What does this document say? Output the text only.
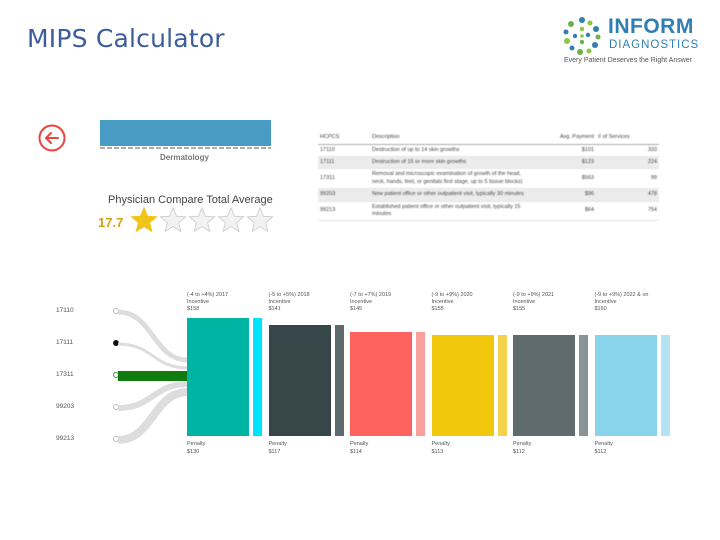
MIPS Calculator	INFORM
DIAGNOSTICS
Every Patient Deserves the Right Answer
Dermatology
Physician Compare Total Average
17.7
HCPCS	Description	Avg. Payment	# of Services
17110	Destruction of up to 14 skin growths	$101	333
17111	Destruction of 15 or more skin growths	$123	224
17311	Removal and microscopic examination of growth of the head, neck, hands, feet, or genitals first stage, up to 5 tissue blocks)	$563	99
99203	New patient office or other outpatient visit, typically 30 minutes	$96	478
99213	Established patient office or other outpatient visit, typically 15 minutes	$64	754
17110
17111
17311
99203
99213
(-4 to +4%) 2017
Incentive
$158
Penalty
$130
(-5 to +5%) 2018
Incentive
$141
Penalty
$117
(-7 to +7%) 2019
Incentive
$145
Penalty
$114
(-9 to +9%) 2020
Incentive
$155
Penalty
$113
(-9 to +9%) 2021
Incentive
$155
Penalty
$112
(-9 to +9%) 2022 & on
Incentive
$160
Penalty
$112
